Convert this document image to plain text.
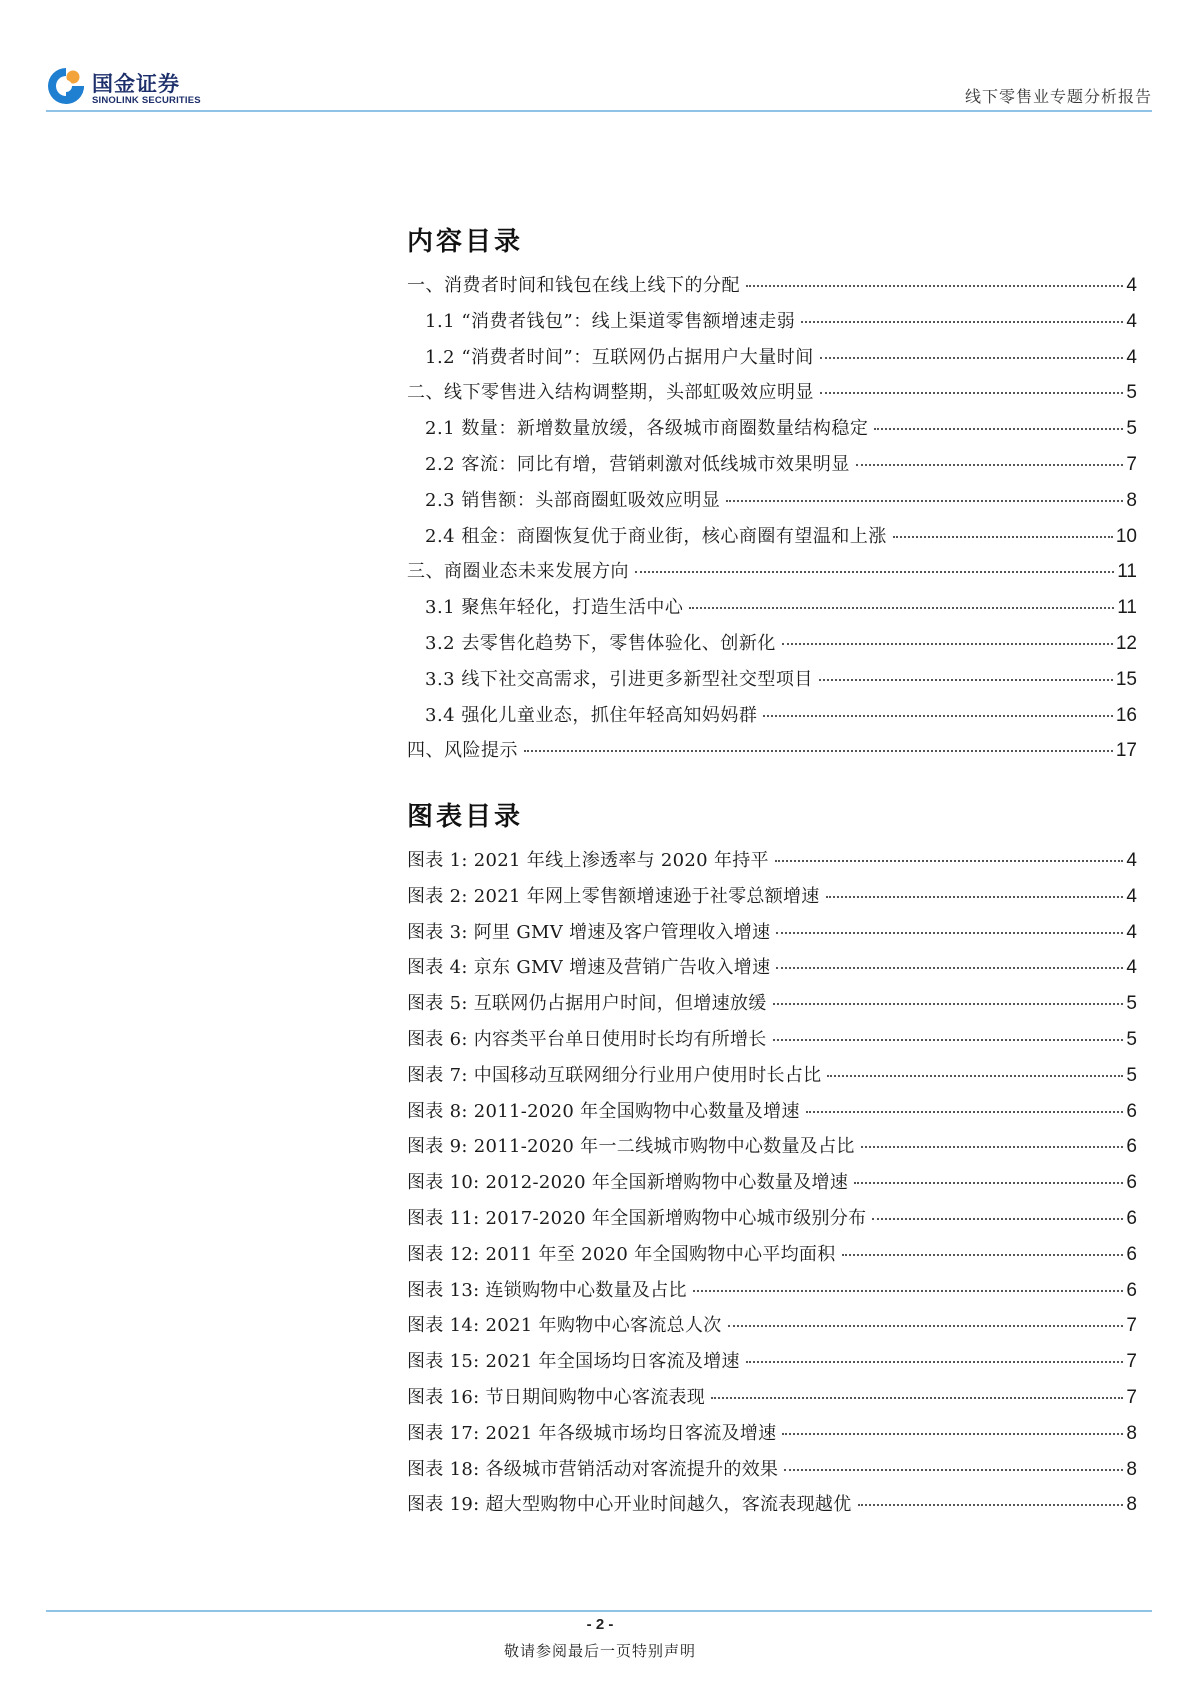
国金证券
SINOLINK SECURITIES	线下零售业专题分析报告
内容目录
一、消费者时间和钱包在线上线下的分配	4
1.1 “消费者钱包”：线上渠道零售额增速走弱	4
1.2 “消费者时间”：互联网仍占据用户大量时间	4
二、线下零售进入结构调整期，头部虹吸效应明显	5
2.1 数量：新增数量放缓，各级城市商圈数量结构稳定	5
2.2 客流：同比有增，营销刺激对低线城市效果明显	7
2.3 销售额：头部商圈虹吸效应明显	8
2.4 租金：商圈恢复优于商业街，核心商圈有望温和上涨	10
三、商圈业态未来发展方向	11
3.1 聚焦年轻化，打造生活中心	11
3.2 去零售化趋势下，零售体验化、创新化	12
3.3 线下社交高需求，引进更多新型社交型项目	15
3.4 强化儿童业态，抓住年轻高知妈妈群	16
四、风险提示	17
图表目录
图表 1: 2021 年线上渗透率与 2020 年持平	4
图表 2: 2021 年网上零售额增速逊于社零总额增速	4
图表 3: 阿里 GMV 增速及客户管理收入增速	4
图表 4: 京东 GMV 增速及营销广告收入增速	4
图表 5: 互联网仍占据用户时间，但增速放缓	5
图表 6: 内容类平台单日使用时长均有所增长	5
图表 7: 中国移动互联网细分行业用户使用时长占比	5
图表 8: 2011-2020 年全国购物中心数量及增速	6
图表 9: 2011-2020 年一二线城市购物中心数量及占比	6
图表 10: 2012-2020 年全国新增购物中心数量及增速	6
图表 11: 2017-2020 年全国新增购物中心城市级别分布	6
图表 12: 2011 年至 2020 年全国购物中心平均面积	6
图表 13: 连锁购物中心数量及占比	6
图表 14: 2021 年购物中心客流总人次	7
图表 15: 2021 年全国场均日客流及增速	7
图表 16: 节日期间购物中心客流表现	7
图表 17: 2021 年各级城市场均日客流及增速	8
图表 18: 各级城市营销活动对客流提升的效果	8
图表 19: 超大型购物中心开业时间越久，客流表现越优	8
- 2 -
敬请参阅最后一页特别声明
